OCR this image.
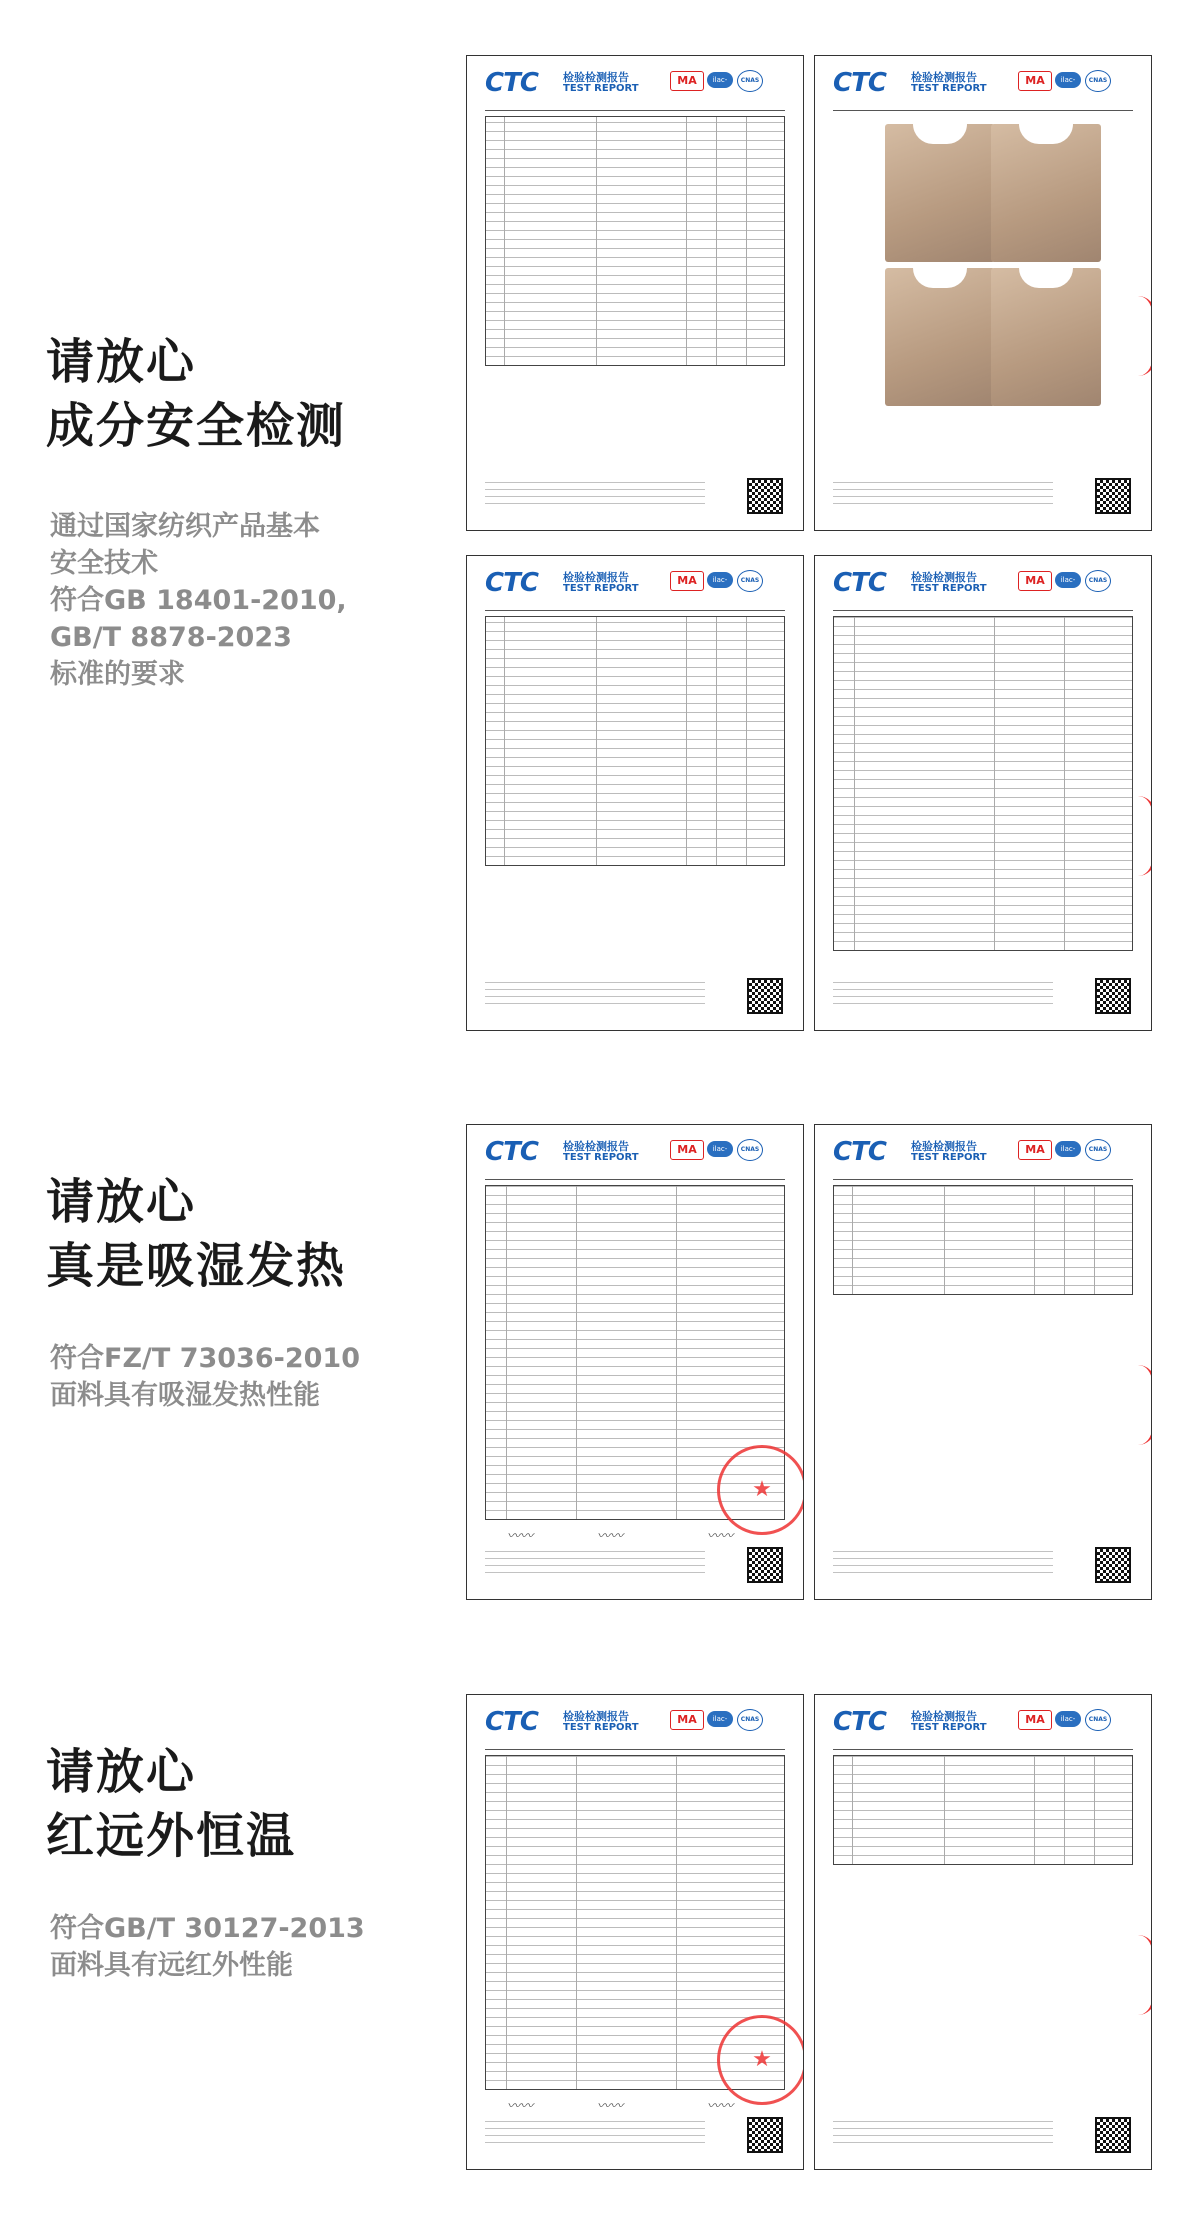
请放心
成分安全检测
通过国家纺织产品基本
安全技术
符合GB 18401-2010,
GB/T 8878-2023
标准的要求
CTC 检验检测报告
TEST REPORT
MA	ilac-MRA
CNAS	CTC 检验检测报告
TEST REPORT
MA	ilac-MRA
CNAS
CTC 检验检测报告
TEST REPORT
MA	ilac-MRA
CNAS	CTC 检验检测报告
TEST REPORT
MA	ilac-MRA
CNAS
请放心
真是吸湿发热
符合FZ/T 73036-2010
面料具有吸湿发热性能
CTC 检验检测报告
TEST REPORT
MA	ilac-MRA
CNAS
★
〰〰	〰〰	〰〰
CTC 检验检测报告
TEST REPORT
MA	ilac-MRA
CNAS
请放心
红远外恒温
符合GB/T 30127-2013
面料具有远红外性能
CTC 检验检测报告
TEST REPORT
MA	ilac-MRA
CNAS
★
〰〰	〰〰	〰〰
CTC 检验检测报告
TEST REPORT
MA	ilac-MRA
CNAS
